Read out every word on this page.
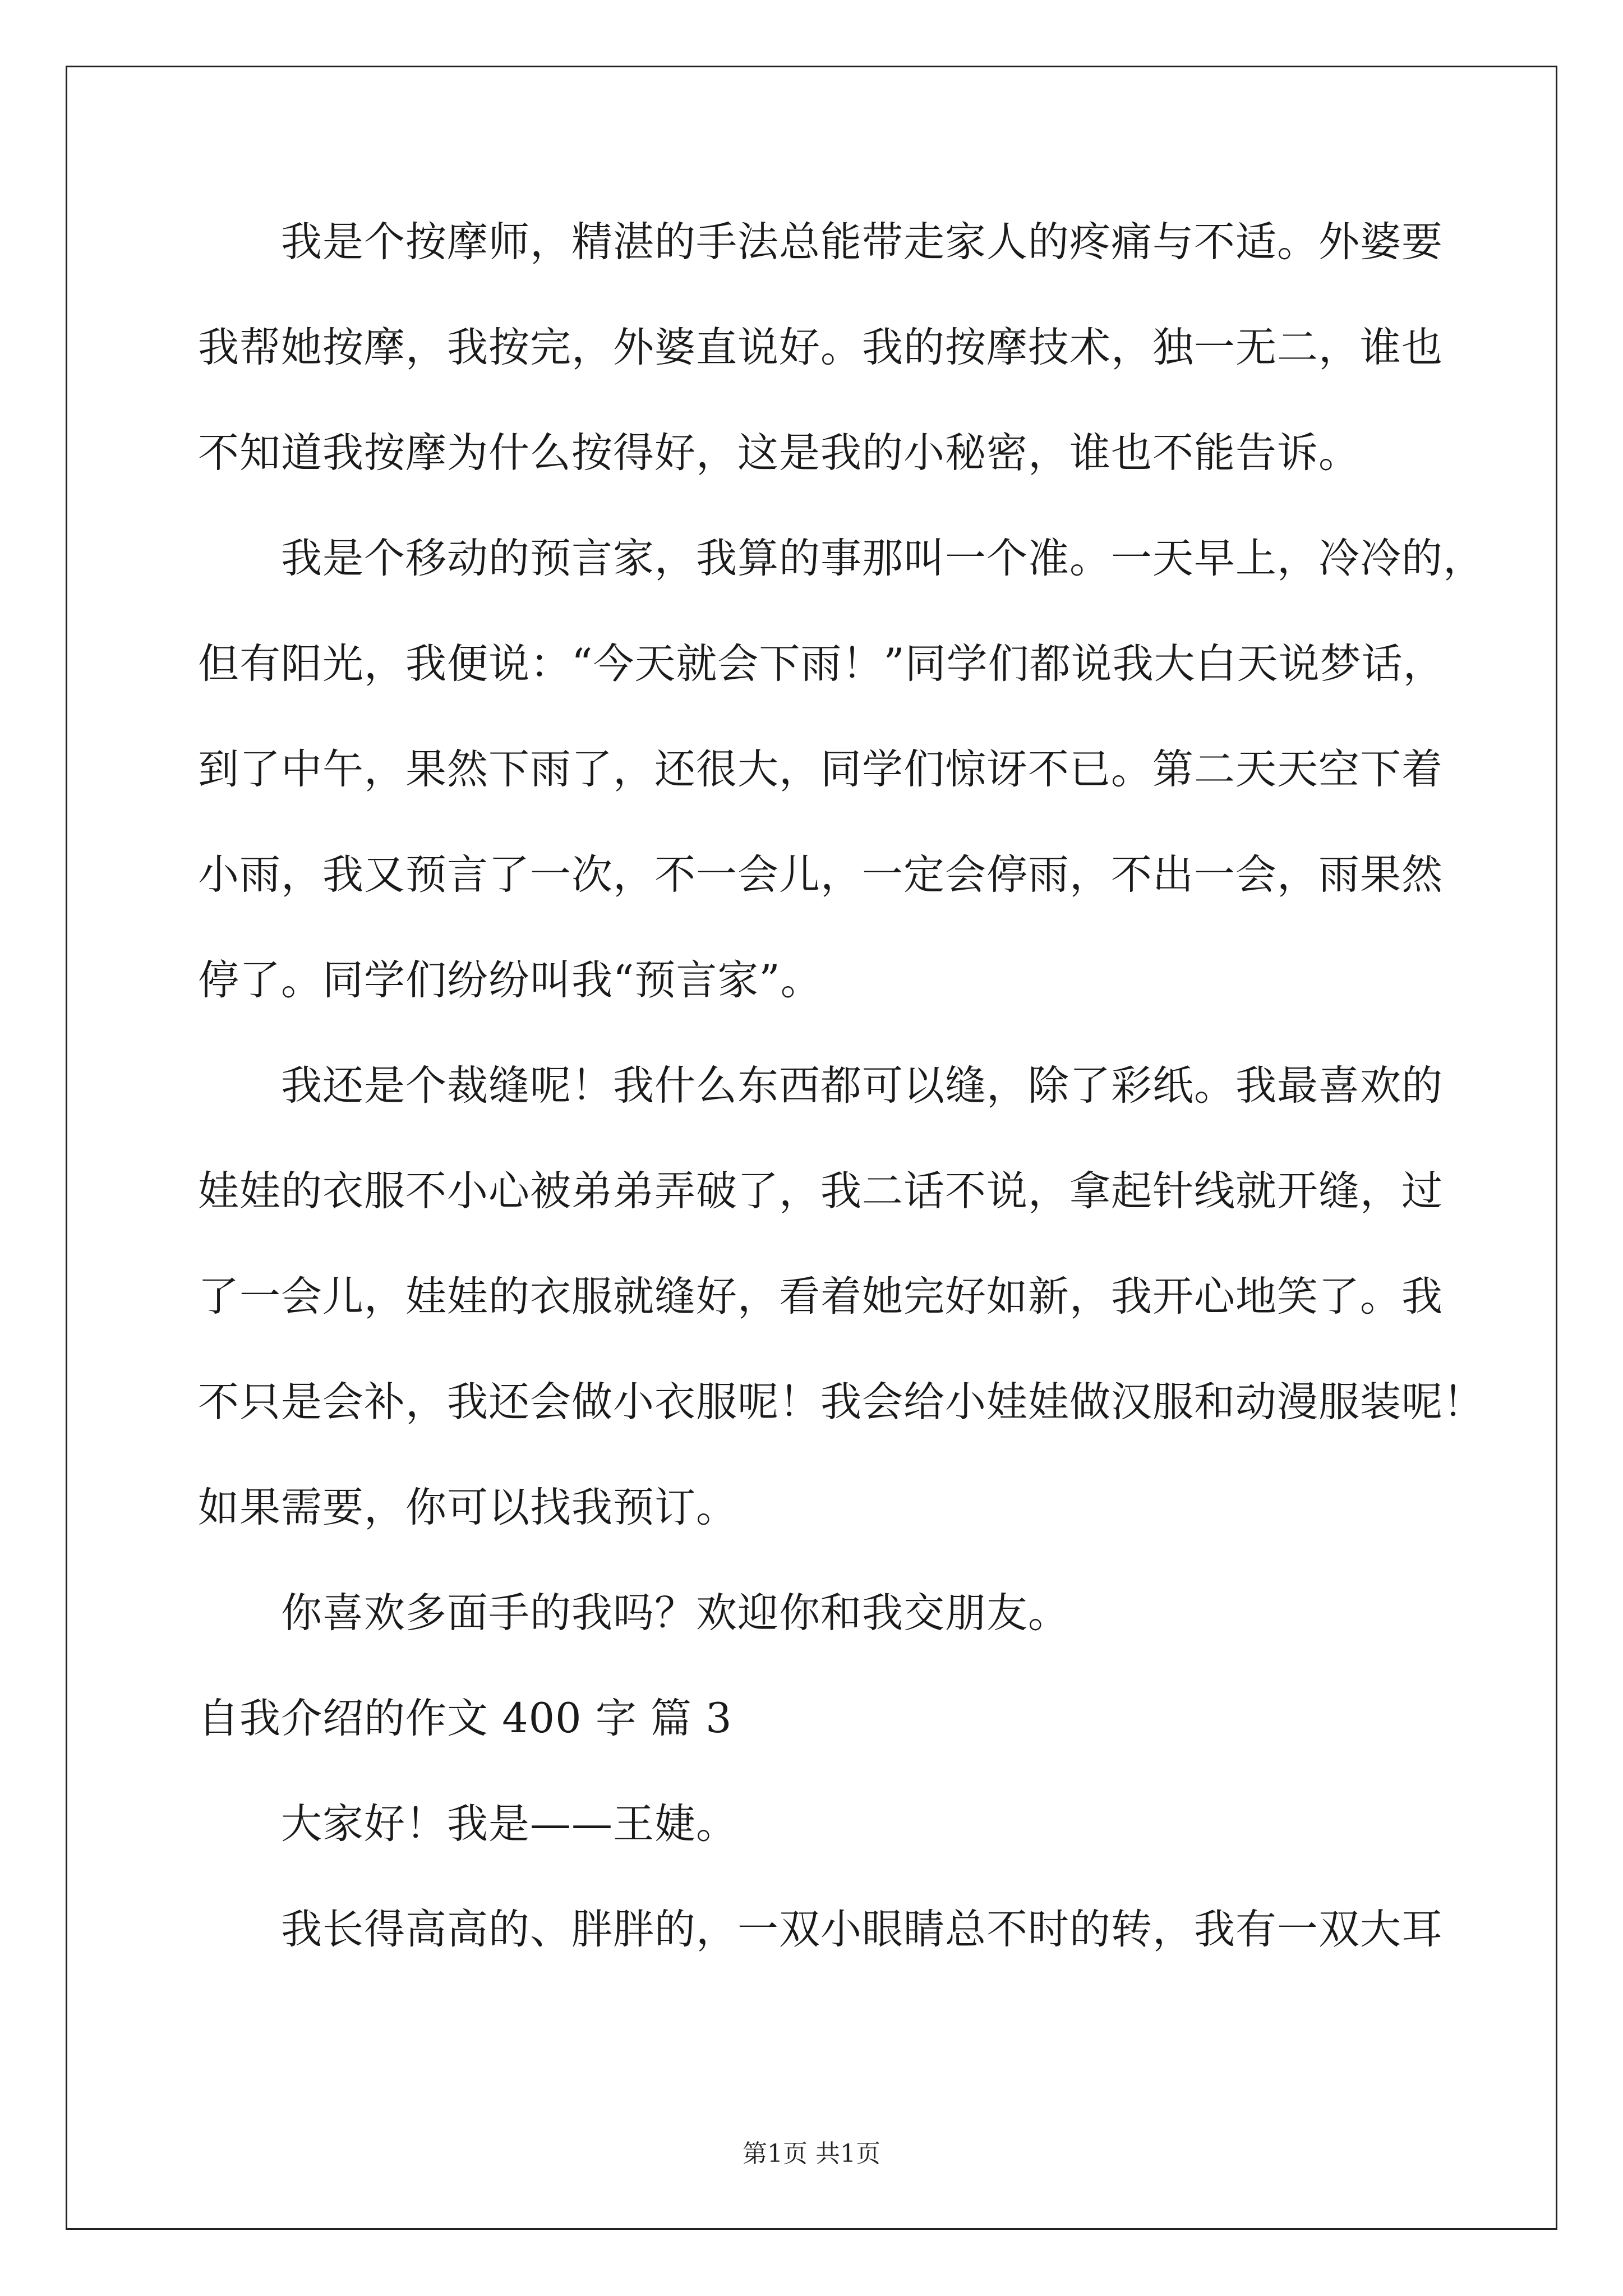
　　我是个按摩师，精湛的手法总能带走家人的疼痛与不适。外婆要
我帮她按摩，我按完，外婆直说好。我的按摩技术，独一无二，谁也
不知道我按摩为什么按得好，这是我的小秘密，谁也不能告诉。
　　我是个移动的预言家，我算的事那叫一个准。一天早上，冷冷的，
但有阳光，我便说：“今天就会下雨！”同学们都说我大白天说梦话，
到了中午，果然下雨了，还很大，同学们惊讶不已。第二天天空下着
小雨，我又预言了一次，不一会儿，一定会停雨，不出一会，雨果然
停了。同学们纷纷叫我“预言家”。
　　我还是个裁缝呢！我什么东西都可以缝，除了彩纸。我最喜欢的
娃娃的衣服不小心被弟弟弄破了，我二话不说，拿起针线就开缝，过
了一会儿，娃娃的衣服就缝好，看着她完好如新，我开心地笑了。我
不只是会补，我还会做小衣服呢！我会给小娃娃做汉服和动漫服装呢！
如果需要，你可以找我预订。
　　你喜欢多面手的我吗？欢迎你和我交朋友。
自我介绍的作文 400 字 篇 3
　　大家好！我是——王婕。
　　我长得高高的、胖胖的，一双小眼睛总不时的转，我有一双大耳
第1页 共1页
